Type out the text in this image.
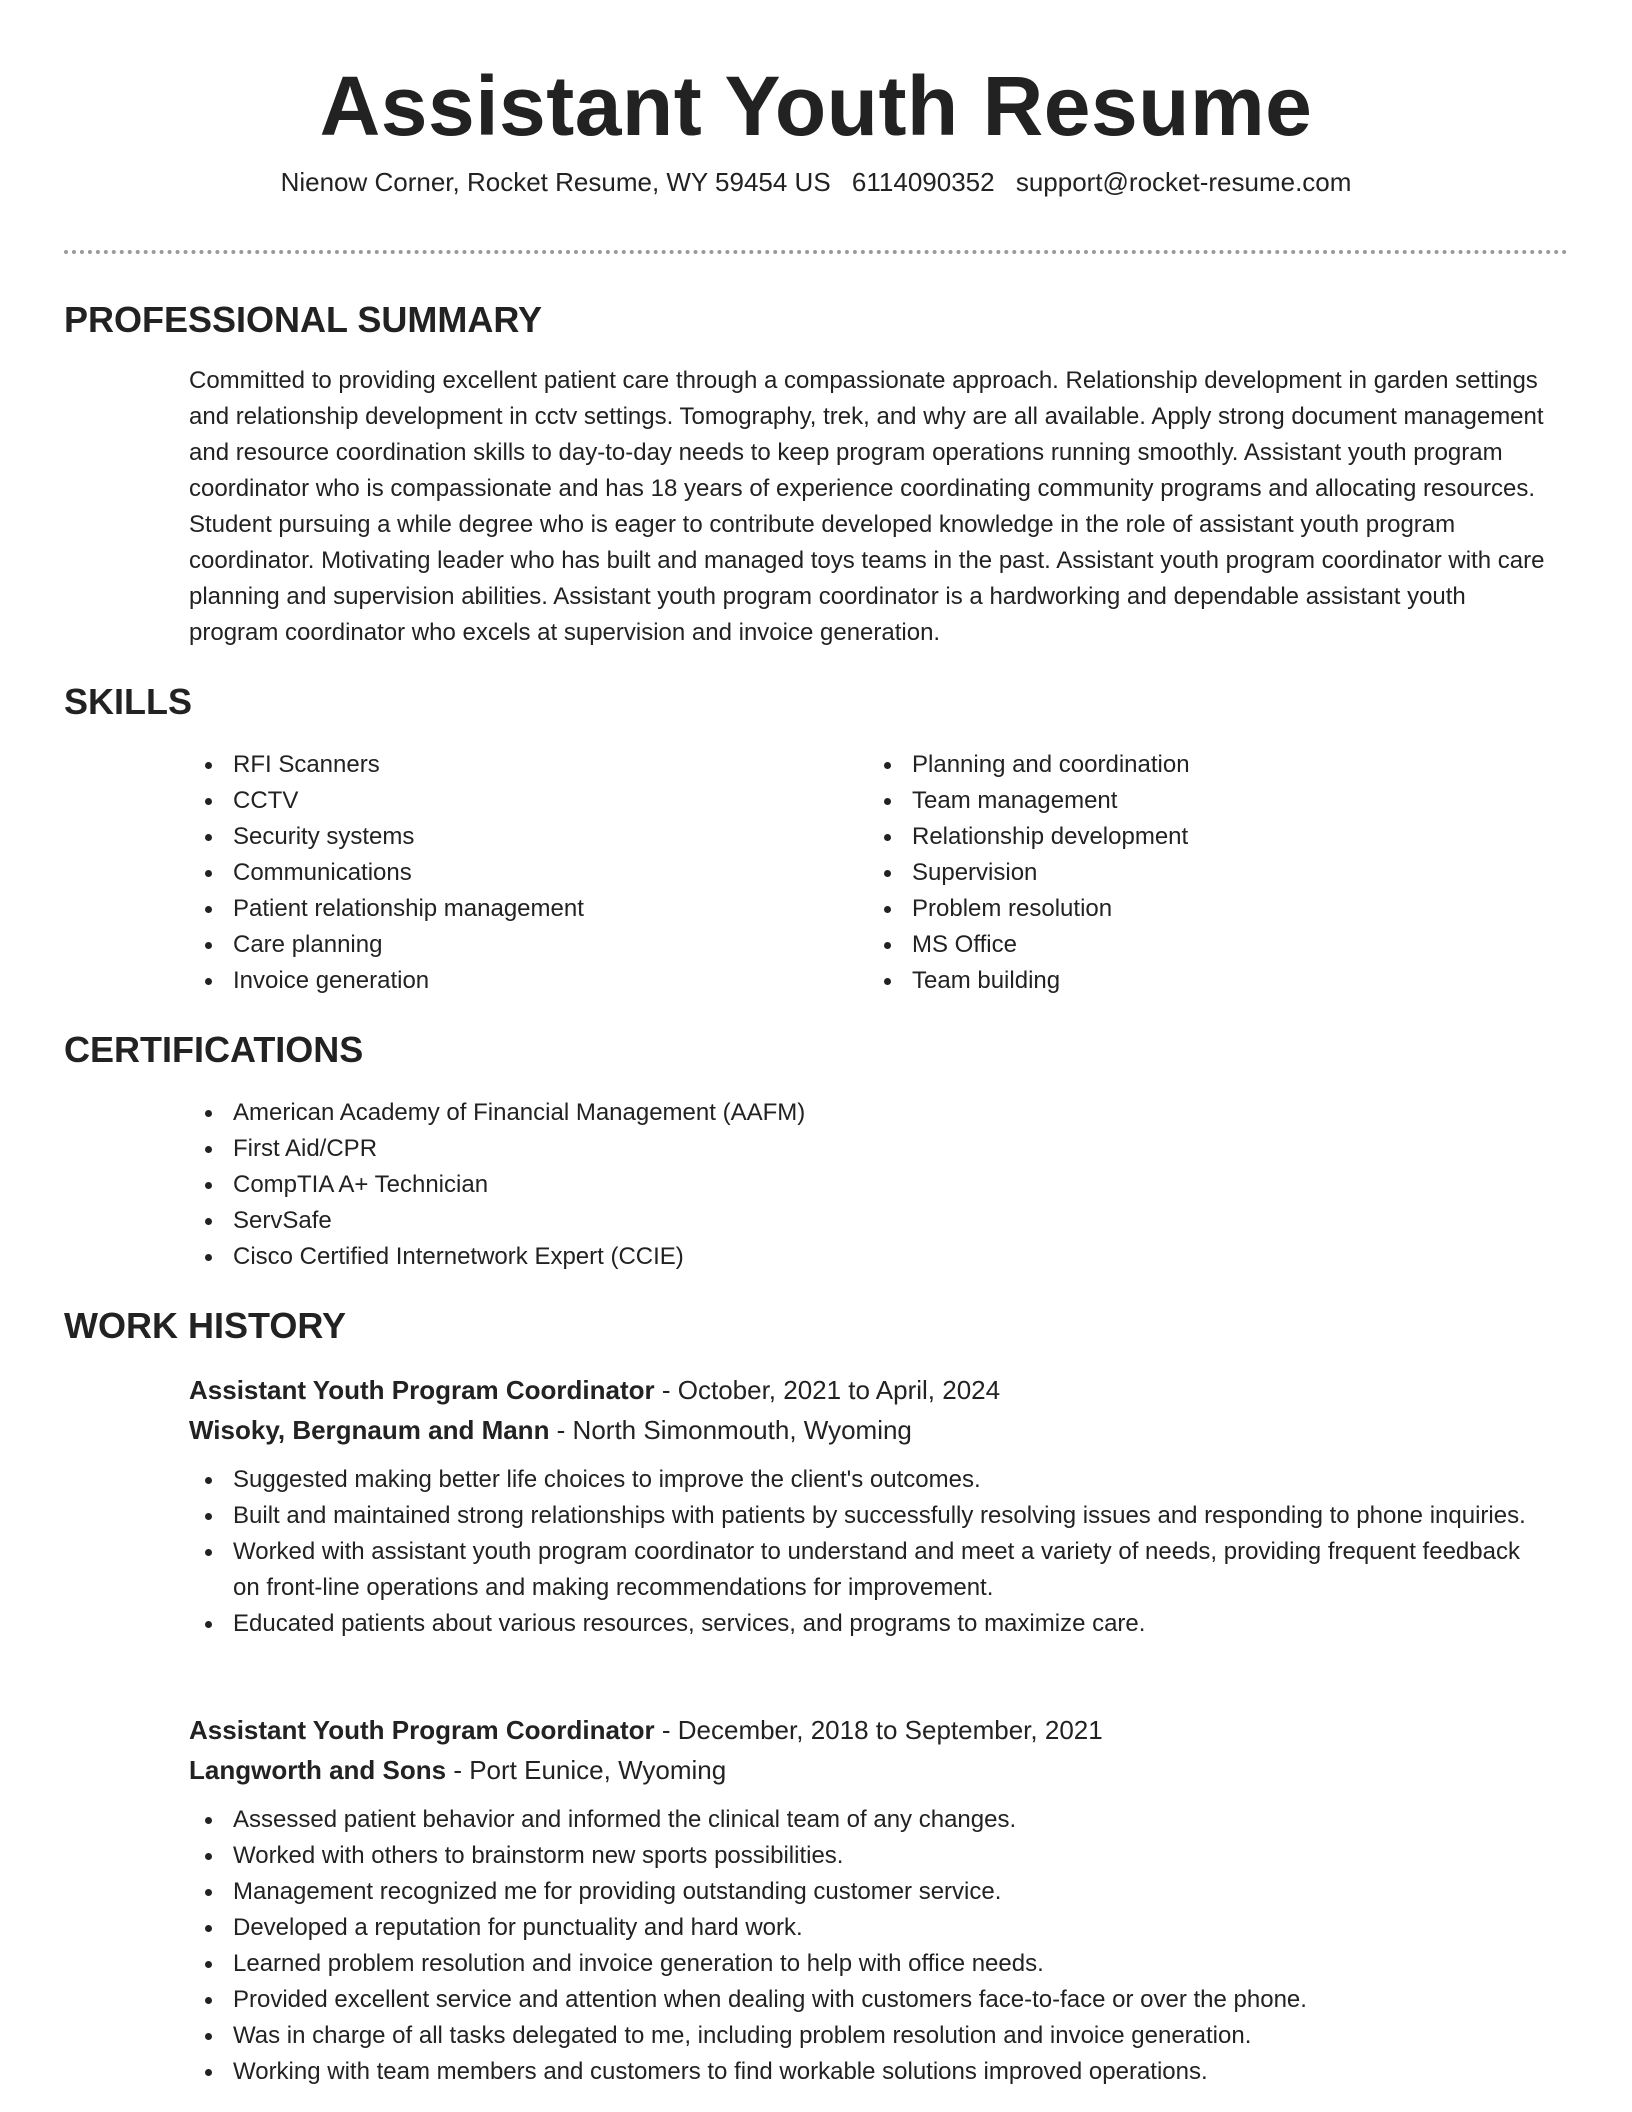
Assistant Youth Resume
Nienow Corner, Rocket Resume, WY 59454 US 6114090352 support@rocket-resume.com
PROFESSIONAL SUMMARY

Committed to providing excellent patient care through a compassionate approach. Relationship development in garden settings and relationship development in cctv settings. Tomography, trek, and why are all available. Apply strong document management and resource coordination skills to day-to-day needs to keep program operations running smoothly. Assistant youth program coordinator who is compassionate and has 18 years of experience coordinating community programs and allocating resources. Student pursuing a while degree who is eager to contribute developed knowledge in the role of assistant youth program coordinator. Motivating leader who has built and managed toys teams in the past. Assistant youth program coordinator with care planning and supervision abilities. Assistant youth program coordinator is a hardworking and dependable assistant youth program coordinator who excels at supervision and invoice generation.

SKILLS
RFI Scanners
CCTV
Security systems
Communications
Patient relationship management
Care planning
Invoice generation
Planning and coordination
Team management
Relationship development
Supervision
Problem resolution
MS Office
Team building
CERTIFICATIONS
American Academy of Financial Management (AAFM)
First Aid/CPR
CompTIA A+ Technician
ServSafe
Cisco Certified Internetwork Expert (CCIE)
WORK HISTORY

Assistant Youth Program Coordinator - October, 2021 to April, 2024

Wisoky, Bergnaum and Mann - North Simonmouth, Wyoming

Suggested making better life choices to improve the client's outcomes.
Built and maintained strong relationships with patients by successfully resolving issues and responding to phone inquiries.
Worked with assistant youth program coordinator to understand and meet a variety of needs, providing frequent feedback on front-line operations and making recommendations for improvement.
Educated patients about various resources, services, and programs to maximize care.

Assistant Youth Program Coordinator - December, 2018 to September, 2021

Langworth and Sons - Port Eunice, Wyoming

Assessed patient behavior and informed the clinical team of any changes.
Worked with others to brainstorm new sports possibilities.
Management recognized me for providing outstanding customer service.
Developed a reputation for punctuality and hard work.
Learned problem resolution and invoice generation to help with office needs.
Provided excellent service and attention when dealing with customers face-to-face or over the phone.
Was in charge of all tasks delegated to me, including problem resolution and invoice generation.
Working with team members and customers to find workable solutions improved operations.
